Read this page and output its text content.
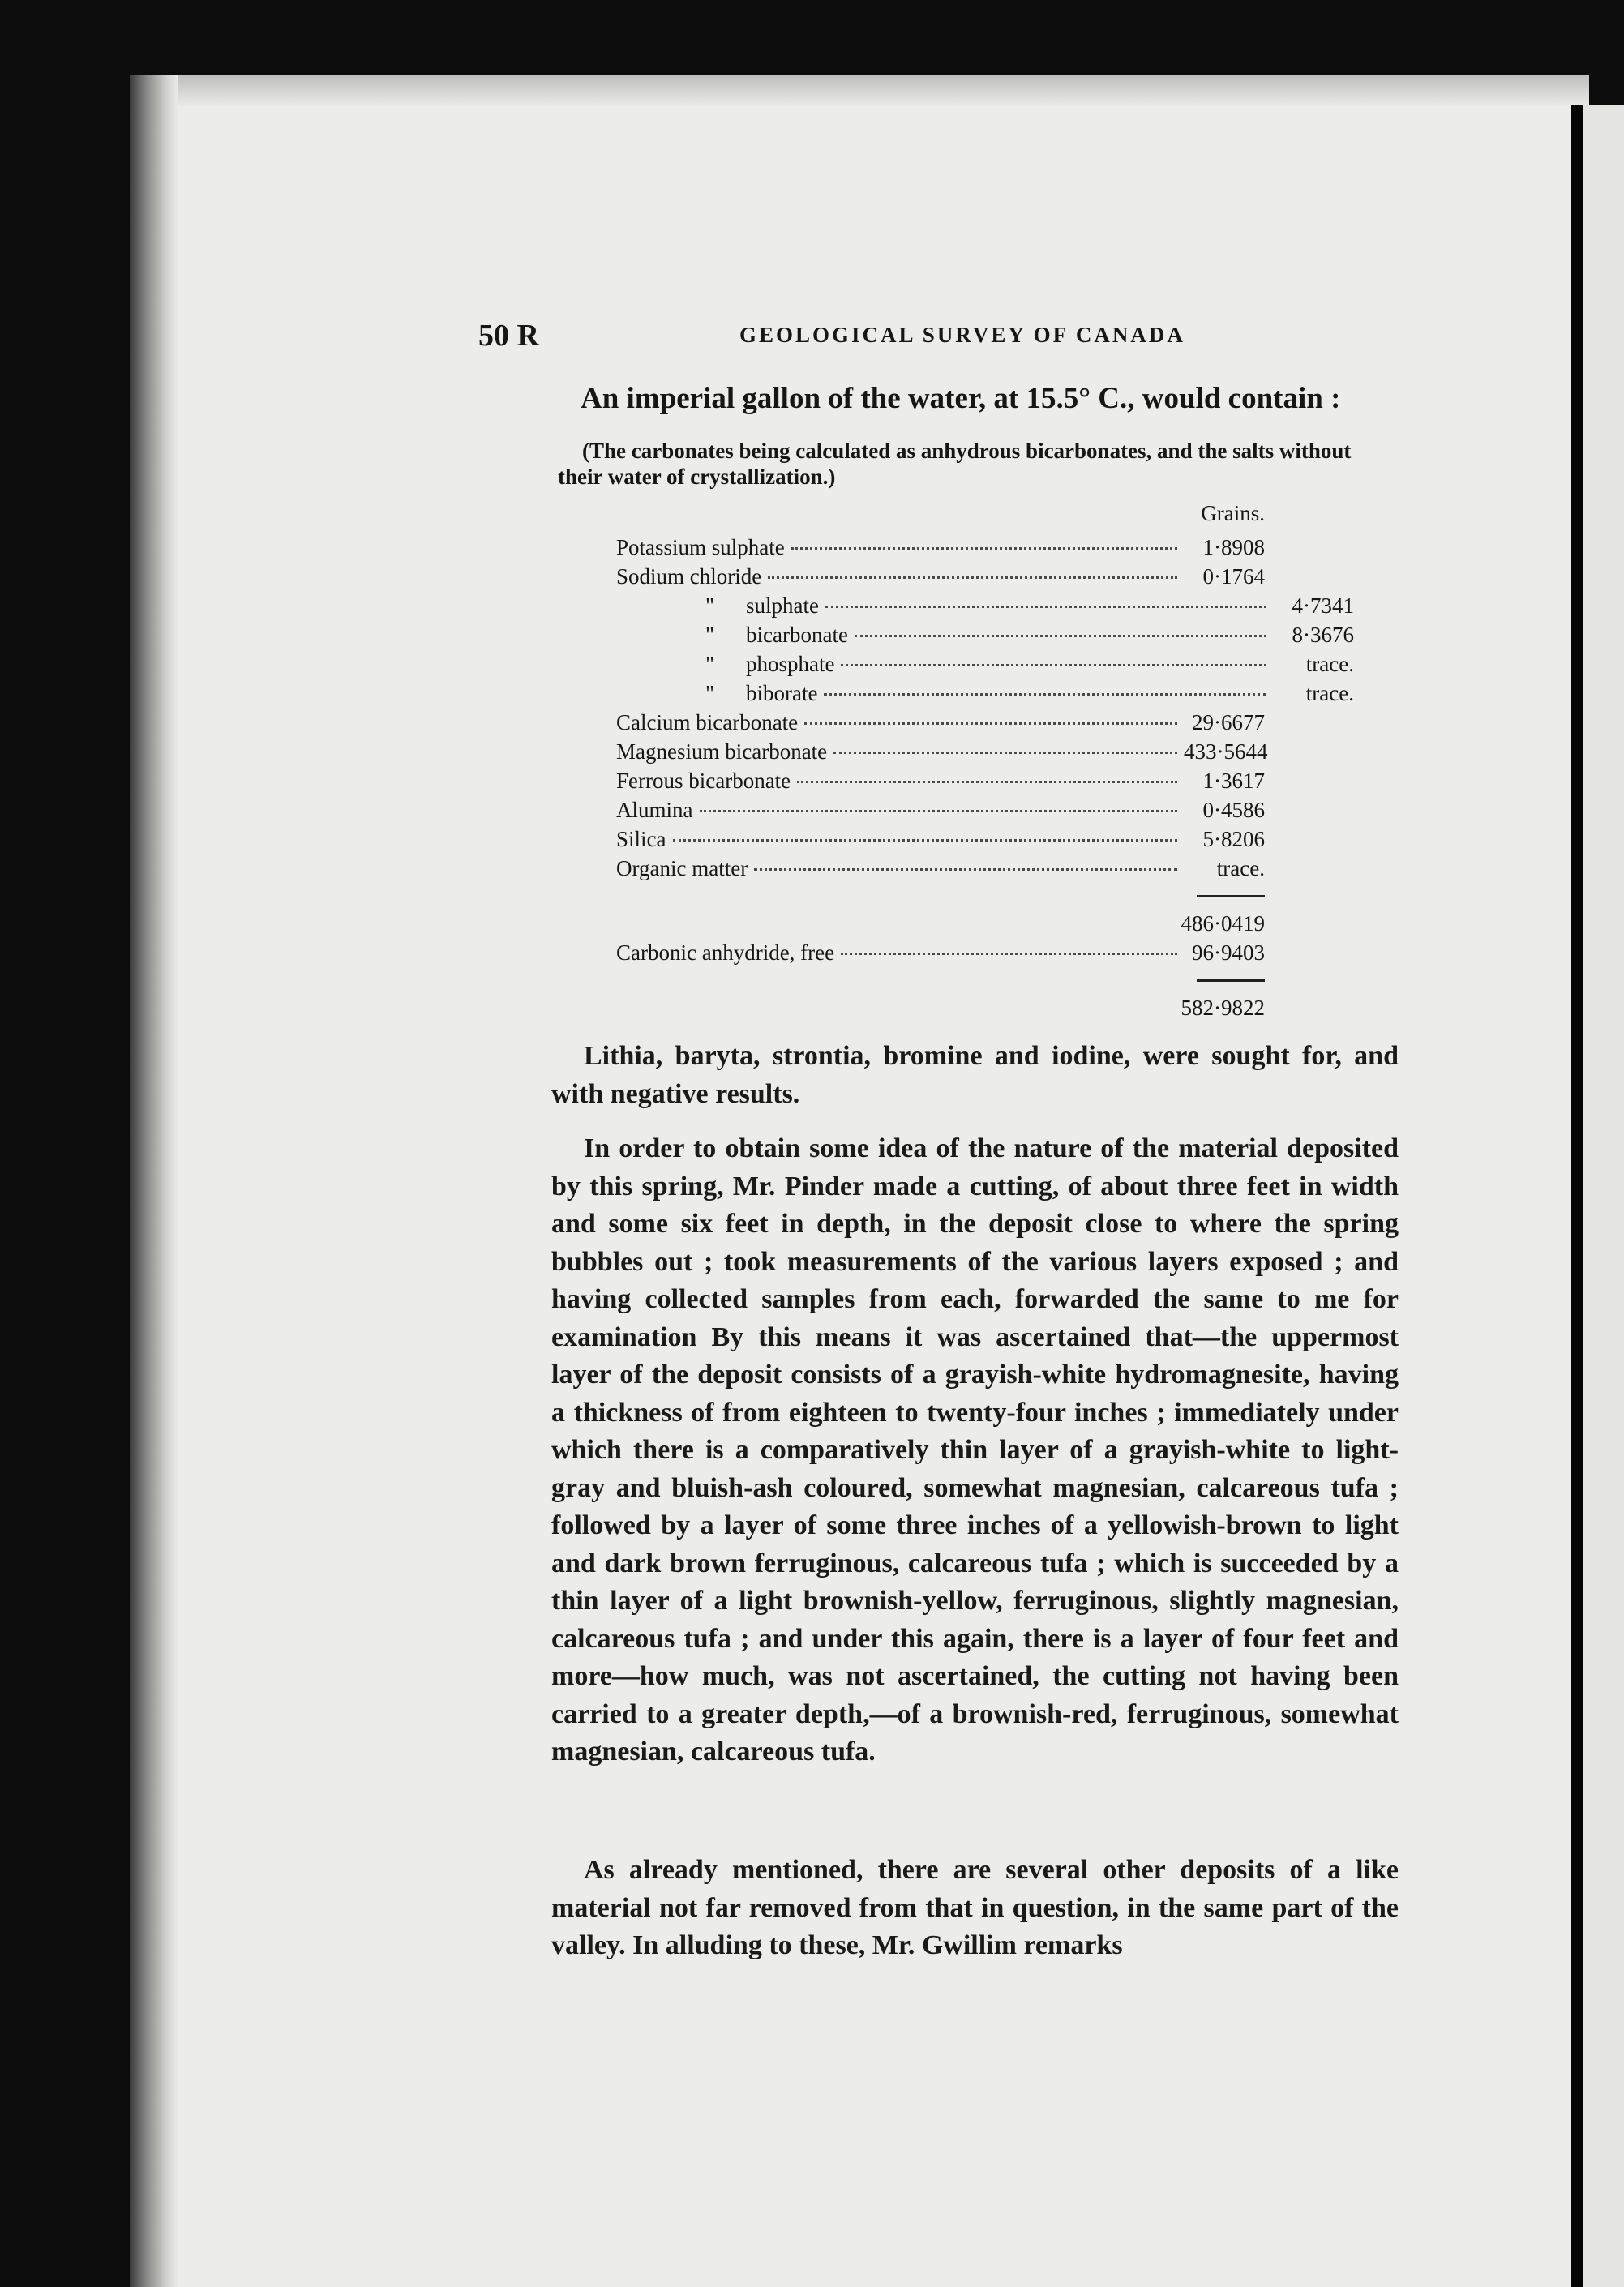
50 R	GEOLOGICAL SURVEY OF CANADA
An imperial gallon of the water, at 15.5° C., would contain :
(The carbonates being calculated as anhydrous bicarbonates, and the salts without their water of crystallization.)
Grains.
Potassium sulphate	1·8908
Sodium chloride	0·1764
"	sulphate	4·7341
"	bicarbonate	8·3676
"	phosphate	trace.
"	biborate	trace.
Calcium bicarbonate	29·6677
Magnesium bicarbonate	433·5644
Ferrous bicarbonate	1·3617
Alumina	0·4586
Silica	5·8206
Organic matter	trace.
486·0419
Carbonic anhydride, free	96·9403
582·9822

Lithia, baryta, strontia, bromine and iodine, were sought for, and with negative results.

In order to obtain some idea of the nature of the material deposited by this spring, Mr. Pinder made a cutting, of about three feet in width and some six feet in depth, in the deposit close to where the spring bubbles out ; took measurements of the various layers exposed ; and having collected samples from each, forwarded the same to me for examination By this means it was ascertained that—the uppermost layer of the deposit consists of a grayish-white hydromagnesite, having a thickness of from eighteen to twenty-four inches ; immediately under which there is a comparatively thin layer of a grayish-white to light-gray and bluish-ash coloured, somewhat magnesian, calcareous tufa ; followed by a layer of some three inches of a yellowish-brown to light and dark brown ferruginous, calcareous tufa ; which is succeeded by a thin layer of a light brownish-yellow, ferruginous, slightly magnesian, calcareous tufa ; and under this again, there is a layer of four feet and more—how much, was not ascertained, the cutting not having been carried to a greater depth,—of a brownish-red, ferruginous, somewhat magnesian, calcareous tufa.

As already mentioned, there are several other deposits of a like material not far removed from that in question, in the same part of the valley. In alluding to these, Mr. Gwillim remarks
